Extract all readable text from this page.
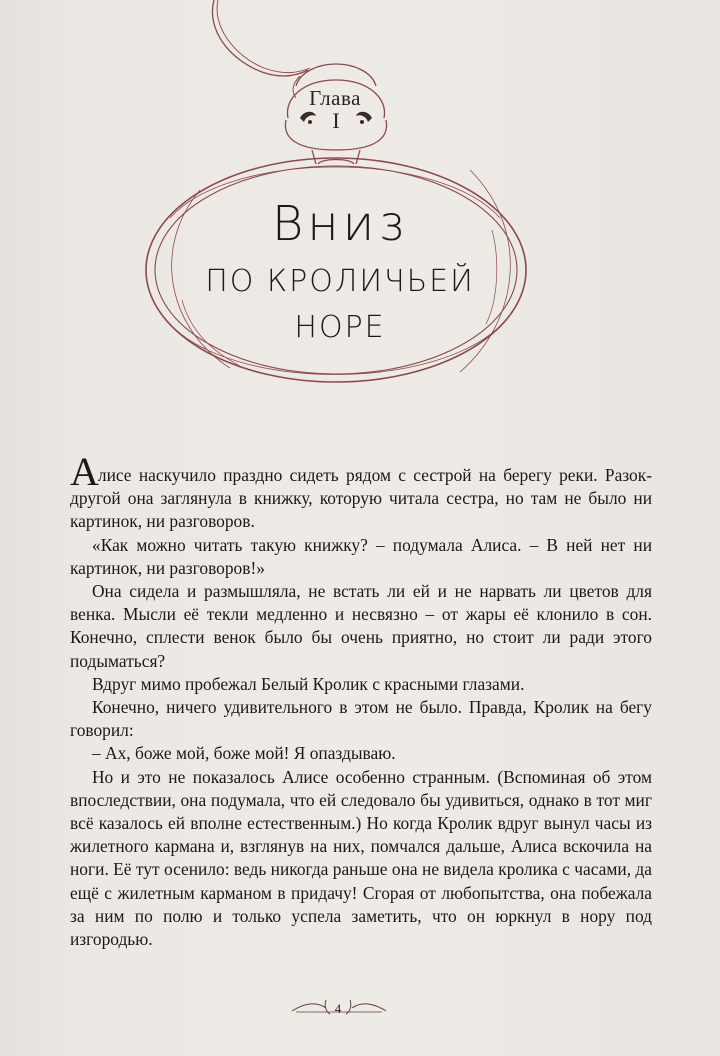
Глава
I
Вниз
ПО КРОЛИЧЬЕЙ
НОРЕ

Алисе наскучило праздно сидеть рядом с сестрой на берегу реки. Разок-другой она заглянула в книжку, которую читала сестра, но там не было ни картинок, ни разговоров.

«Как можно читать такую книжку? – подумала Алиса. – В ней нет ни картинок, ни разговоров!»

Она сидела и размышляла, не встать ли ей и не нарвать ли цветов для венка. Мысли её текли медленно и несвязно – от жары её клонило в сон. Конечно, сплести венок было бы очень приятно, но стоит ли ради этого подыматься?

Вдруг мимо пробежал Белый Кролик с красными глазами.

Конечно, ничего удивительного в этом не было. Правда, Кролик на бегу говорил:

– Ах, боже мой, боже мой! Я опаздываю.

Но и это не показалось Алисе особенно странным. (Вспоминая об этом впоследствии, она подумала, что ей следовало бы удивиться, однако в тот миг всё казалось ей вполне естественным.) Но когда Кролик вдруг вынул часы из жилетного кармана и, взглянув на них, помчался дальше, Алиса вскочила на ноги. Её тут осенило: ведь никогда раньше она не видела кролика с часами, да ещё с жилетным карманом в придачу! Сгорая от любопытства, она побежала за ним по полю и только успела заметить, что он юркнул в нору под изгородью.

4
